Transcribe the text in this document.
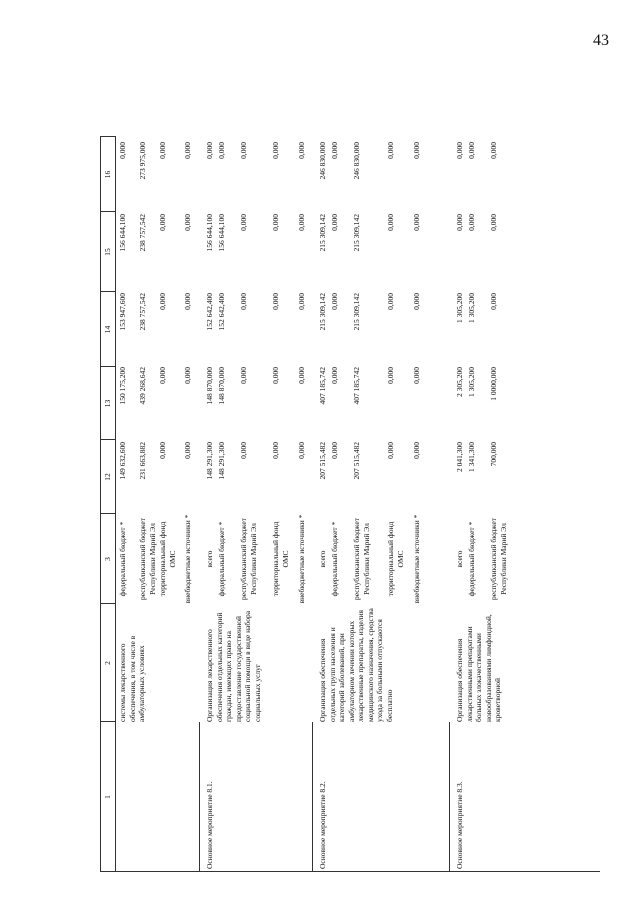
43
1
2
3
12
13
14
15
16
системы лекарственного обеспечения, в том числе в амбулаторных условиях
федеральный бюджет *
149 632,600
150 175,200
153 947,600
156 644,100
0,000
республиканский бюджет Республики Марий Эл
231 663,882
439 268,642
238 757,542
238 757,542
273 975,000
территориальный фонд ОМС
0,000
0,000
0,000
0,000
0,000
внебюджетные источники *
0,000
0,000
0,000
0,000
0,000
Основное мероприятие 8.1.
Организация лекарственного обеспечения отдельных категорий граждан, имеющих право на предоставление государственной социальной помощи в виде набора социальных услуг
всего
148 291,300
148 870,000
152 642,400
156 644,100
0,000
федеральный бюджет *
148 291,300
148 870,000
152 642,400
156 644,100
0,000
республиканский бюджет Республики Марий Эл
0,000
0,000
0,000
0,000
0,000
территориальный фонд ОМС
0,000
0,000
0,000
0,000
0,000
внебюджетные источники *
0,000
0,000
0,000
0,000
0,000
Основное мероприятие 8.2.
Организация обеспечения отдельных групп населения и категорий заболеваний, при амбулаторном лечении которых лекарственные препараты, изделия медицинского назначения, средства ухода за больными отпускаются бесплатно
всего
207 515,482
407 185,742
215 309,142
215 309,142
246 830,000
федеральный бюджет *
0,000
0,000
0,000
0,000
0,000
республиканский бюджет Республики Марий Эл
207 515,482
407 185,742
215 309,142
215 309,142
246 830,000
территориальный фонд ОМС
0,000
0,000
0,000
0,000
0,000
внебюджетные источники *
0,000
0,000
0,000
0,000
0,000
Основное мероприятие 8.3.
Организация обеспечения лекарственными препаратами больных злокачественными новообразованиями лимфоидной, кроветворной
всего
2 041,300
2 305,200
1 305,200
0,000
0,000
федеральный бюджет *
1 341,300
1 305,200
1 305,200
0,000
0,000
республиканский бюджет Республики Марий Эл
700,000
1 0000,000
0,000
0,000
0,000
